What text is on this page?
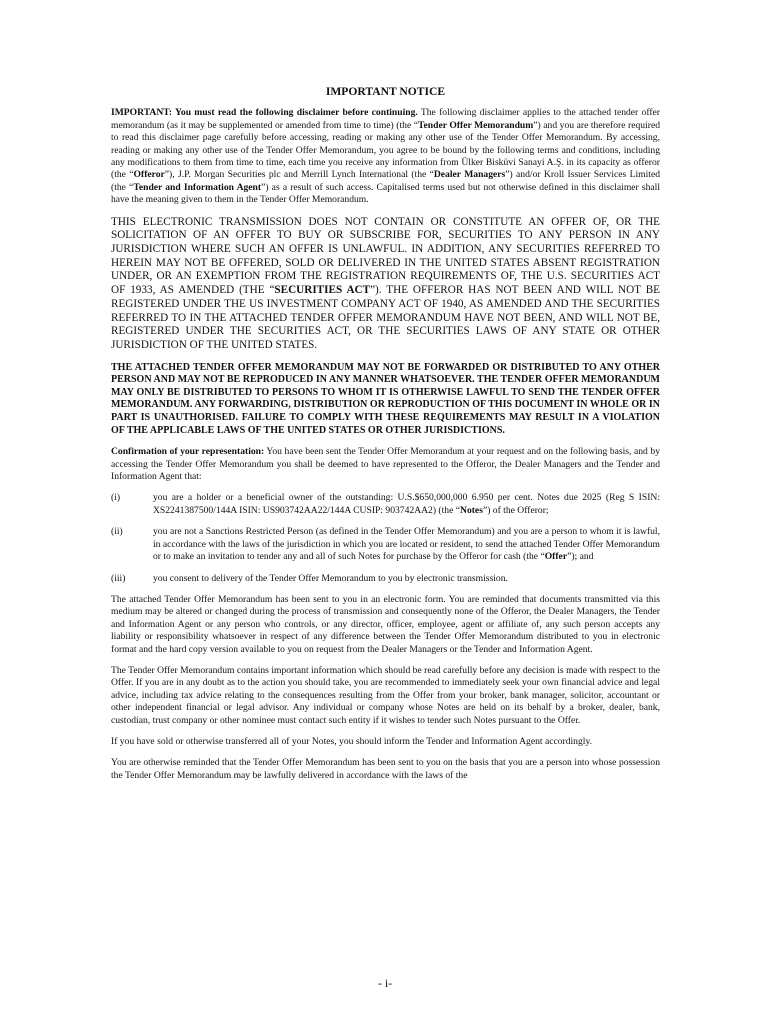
IMPORTANT NOTICE

IMPORTANT: You must read the following disclaimer before continuing. The following disclaimer applies to the attached tender offer memorandum (as it may be supplemented or amended from time to time) (the “Tender Offer Memorandum”) and you are therefore required to read this disclaimer page carefully before accessing, reading or making any other use of the Tender Offer Memorandum. By accessing, reading or making any other use of the Tender Offer Memorandum, you agree to be bound by the following terms and conditions, including any modifications to them from time to time, each time you receive any information from Ülker Bisküvi Sanayi A.Ş. in its capacity as offeror (the “Offeror”), J.P. Morgan Securities plc and Merrill Lynch International (the “Dealer Managers”) and/or Kroll Issuer Services Limited (the “Tender and Information Agent”) as a result of such access. Capitalised terms used but not otherwise defined in this disclaimer shall have the meaning given to them in the Tender Offer Memorandum.

THIS ELECTRONIC TRANSMISSION DOES NOT CONTAIN OR CONSTITUTE AN OFFER OF, OR THE SOLICITATION OF AN OFFER TO BUY OR SUBSCRIBE FOR, SECURITIES TO ANY PERSON IN ANY JURISDICTION WHERE SUCH AN OFFER IS UNLAWFUL. IN ADDITION, ANY SECURITIES REFERRED TO HEREIN MAY NOT BE OFFERED, SOLD OR DELIVERED IN THE UNITED STATES ABSENT REGISTRATION UNDER, OR AN EXEMPTION FROM THE REGISTRATION REQUIREMENTS OF, THE U.S. SECURITIES ACT OF 1933, AS AMENDED (THE “SECURITIES ACT”). THE OFFEROR HAS NOT BEEN AND WILL NOT BE REGISTERED UNDER THE US INVESTMENT COMPANY ACT OF 1940, AS AMENDED AND THE SECURITIES REFERRED TO IN THE ATTACHED TENDER OFFER MEMORANDUM HAVE NOT BEEN, AND WILL NOT BE, REGISTERED UNDER THE SECURITIES ACT, OR THE SECURITIES LAWS OF ANY STATE OR OTHER JURISDICTION OF THE UNITED STATES.

THE ATTACHED TENDER OFFER MEMORANDUM MAY NOT BE FORWARDED OR DISTRIBUTED TO ANY OTHER PERSON AND MAY NOT BE REPRODUCED IN ANY MANNER WHATSOEVER. THE TENDER OFFER MEMORANDUM MAY ONLY BE DISTRIBUTED TO PERSONS TO WHOM IT IS OTHERWISE LAWFUL TO SEND THE TENDER OFFER MEMORANDUM. ANY FORWARDING, DISTRIBUTION OR REPRODUCTION OF THIS DOCUMENT IN WHOLE OR IN PART IS UNAUTHORISED. FAILURE TO COMPLY WITH THESE REQUIREMENTS MAY RESULT IN A VIOLATION OF THE APPLICABLE LAWS OF THE UNITED STATES OR OTHER JURISDICTIONS.

Confirmation of your representation: You have been sent the Tender Offer Memorandum at your request and on the following basis, and by accessing the Tender Offer Memorandum you shall be deemed to have represented to the Offeror, the Dealer Managers and the Tender and Information Agent that:

(i)	you are a holder or a beneficial owner of the outstanding: U.S.$650,000,000 6.950 per cent. Notes due 2025 (Reg S ISIN: XS2241387500/144A ISIN: US903742AA22/144A CUSIP: 903742AA2) (the “Notes”) of the Offeror;
(ii)	you are not a Sanctions Restricted Person (as defined in the Tender Offer Memorandum) and you are a person to whom it is lawful, in accordance with the laws of the jurisdiction in which you are located or resident, to send the attached Tender Offer Memorandum or to make an invitation to tender any and all of such Notes for purchase by the Offeror for cash (the “Offer”); and
(iii)	you consent to delivery of the Tender Offer Memorandum to you by electronic transmission.

The attached Tender Offer Memorandum has been sent to you in an electronic form. You are reminded that documents transmitted via this medium may be altered or changed during the process of transmission and consequently none of the Offeror, the Dealer Managers, the Tender and Information Agent or any person who controls, or any director, officer, employee, agent or affiliate of, any such person accepts any liability or responsibility whatsoever in respect of any difference between the Tender Offer Memorandum distributed to you in electronic format and the hard copy version available to you on request from the Dealer Managers or the Tender and Information Agent.

The Tender Offer Memorandum contains important information which should be read carefully before any decision is made with respect to the Offer. If you are in any doubt as to the action you should take, you are recommended to immediately seek your own financial advice and legal advice, including tax advice relating to the consequences resulting from the Offer from your broker, bank manager, solicitor, accountant or other independent financial or legal advisor. Any individual or company whose Notes are held on its behalf by a broker, dealer, bank, custodian, trust company or other nominee must contact such entity if it wishes to tender such Notes pursuant to the Offer.

If you have sold or otherwise transferred all of your Notes, you should inform the Tender and Information Agent accordingly.

You are otherwise reminded that the Tender Offer Memorandum has been sent to you on the basis that you are a person into whose possession the Tender Offer Memorandum may be lawfully delivered in accordance with the laws of the

- i-
